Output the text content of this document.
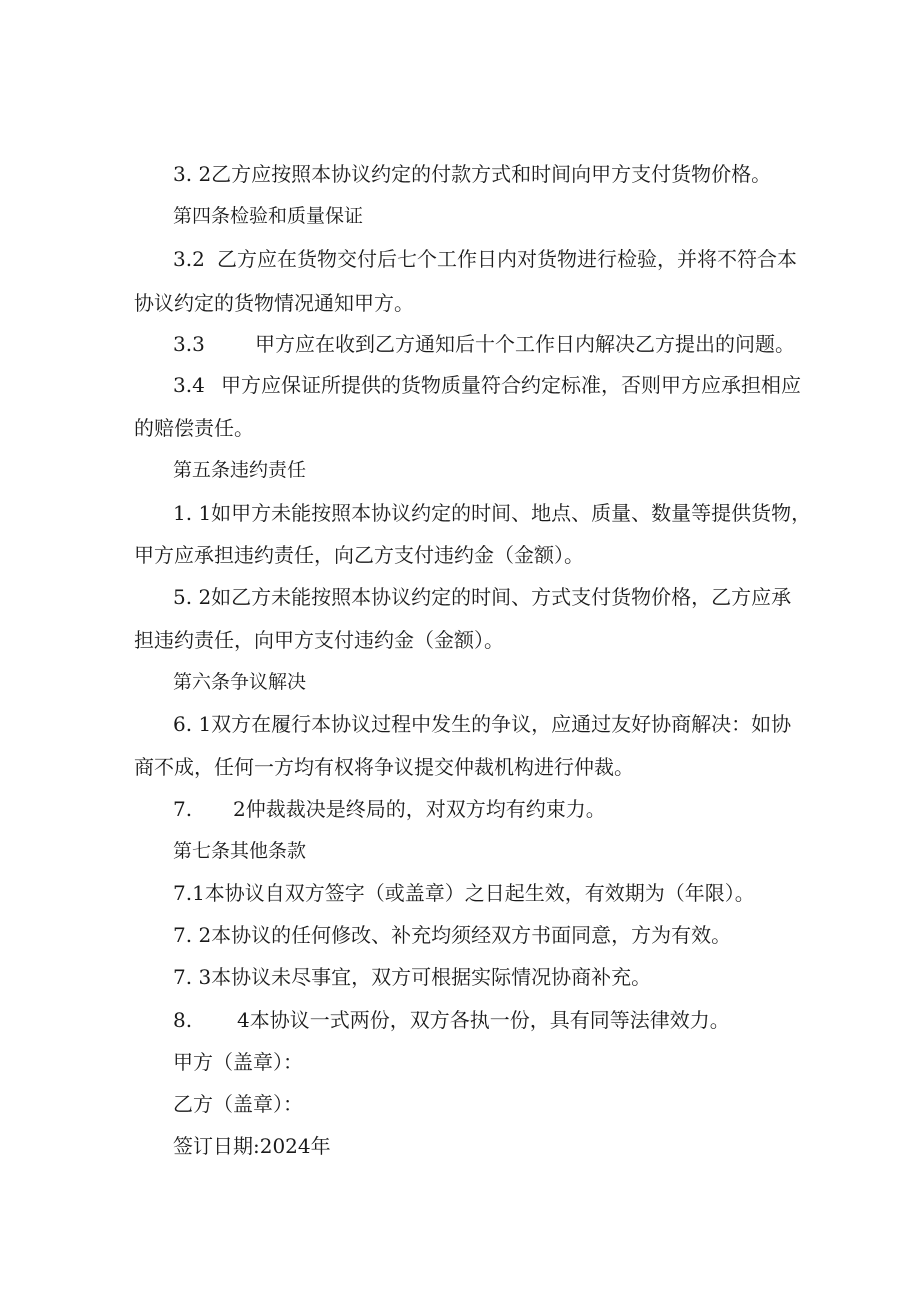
3. 2乙方应按照本协议约定的付款方式和时间向甲方支付货物价格。
第四条检验和质量保证
3.2 乙方应在货物交付后七个工作日内对货物进行检验，并将不符合本
协议约定的货物情况通知甲方。
3.3	甲方应在收到乙方通知后十个工作日内解决乙方提出的问题。
3.4 甲方应保证所提供的货物质量符合约定标准，否则甲方应承担相应
的赔偿责任。
第五条违约责任
1. 1如甲方未能按照本协议约定的时间、地点、质量、数量等提供货物，
甲方应承担违约责任，向乙方支付违约金（金额）。
5. 2如乙方未能按照本协议约定的时间、方式支付货物价格，乙方应承
担违约责任，向甲方支付违约金（金额）。
第六条争议解决
6. 1双方在履行本协议过程中发生的争议，应通过友好协商解决：如协
商不成，任何一方均有权将争议提交仲裁机构进行仲裁。
7. 2仲裁裁决是终局的，对双方均有约束力。
第七条其他条款
7.1本协议自双方签字（或盖章）之日起生效，有效期为（年限）。
7. 2本协议的任何修改、补充均须经双方书面同意，方为有效。
7. 3本协议未尽事宜，双方可根据实际情况协商补充。
8. 4本协议一式两份，双方各执一份，具有同等法律效力。
甲方（盖章）：
乙方（盖章）：
签订日期:2024年
